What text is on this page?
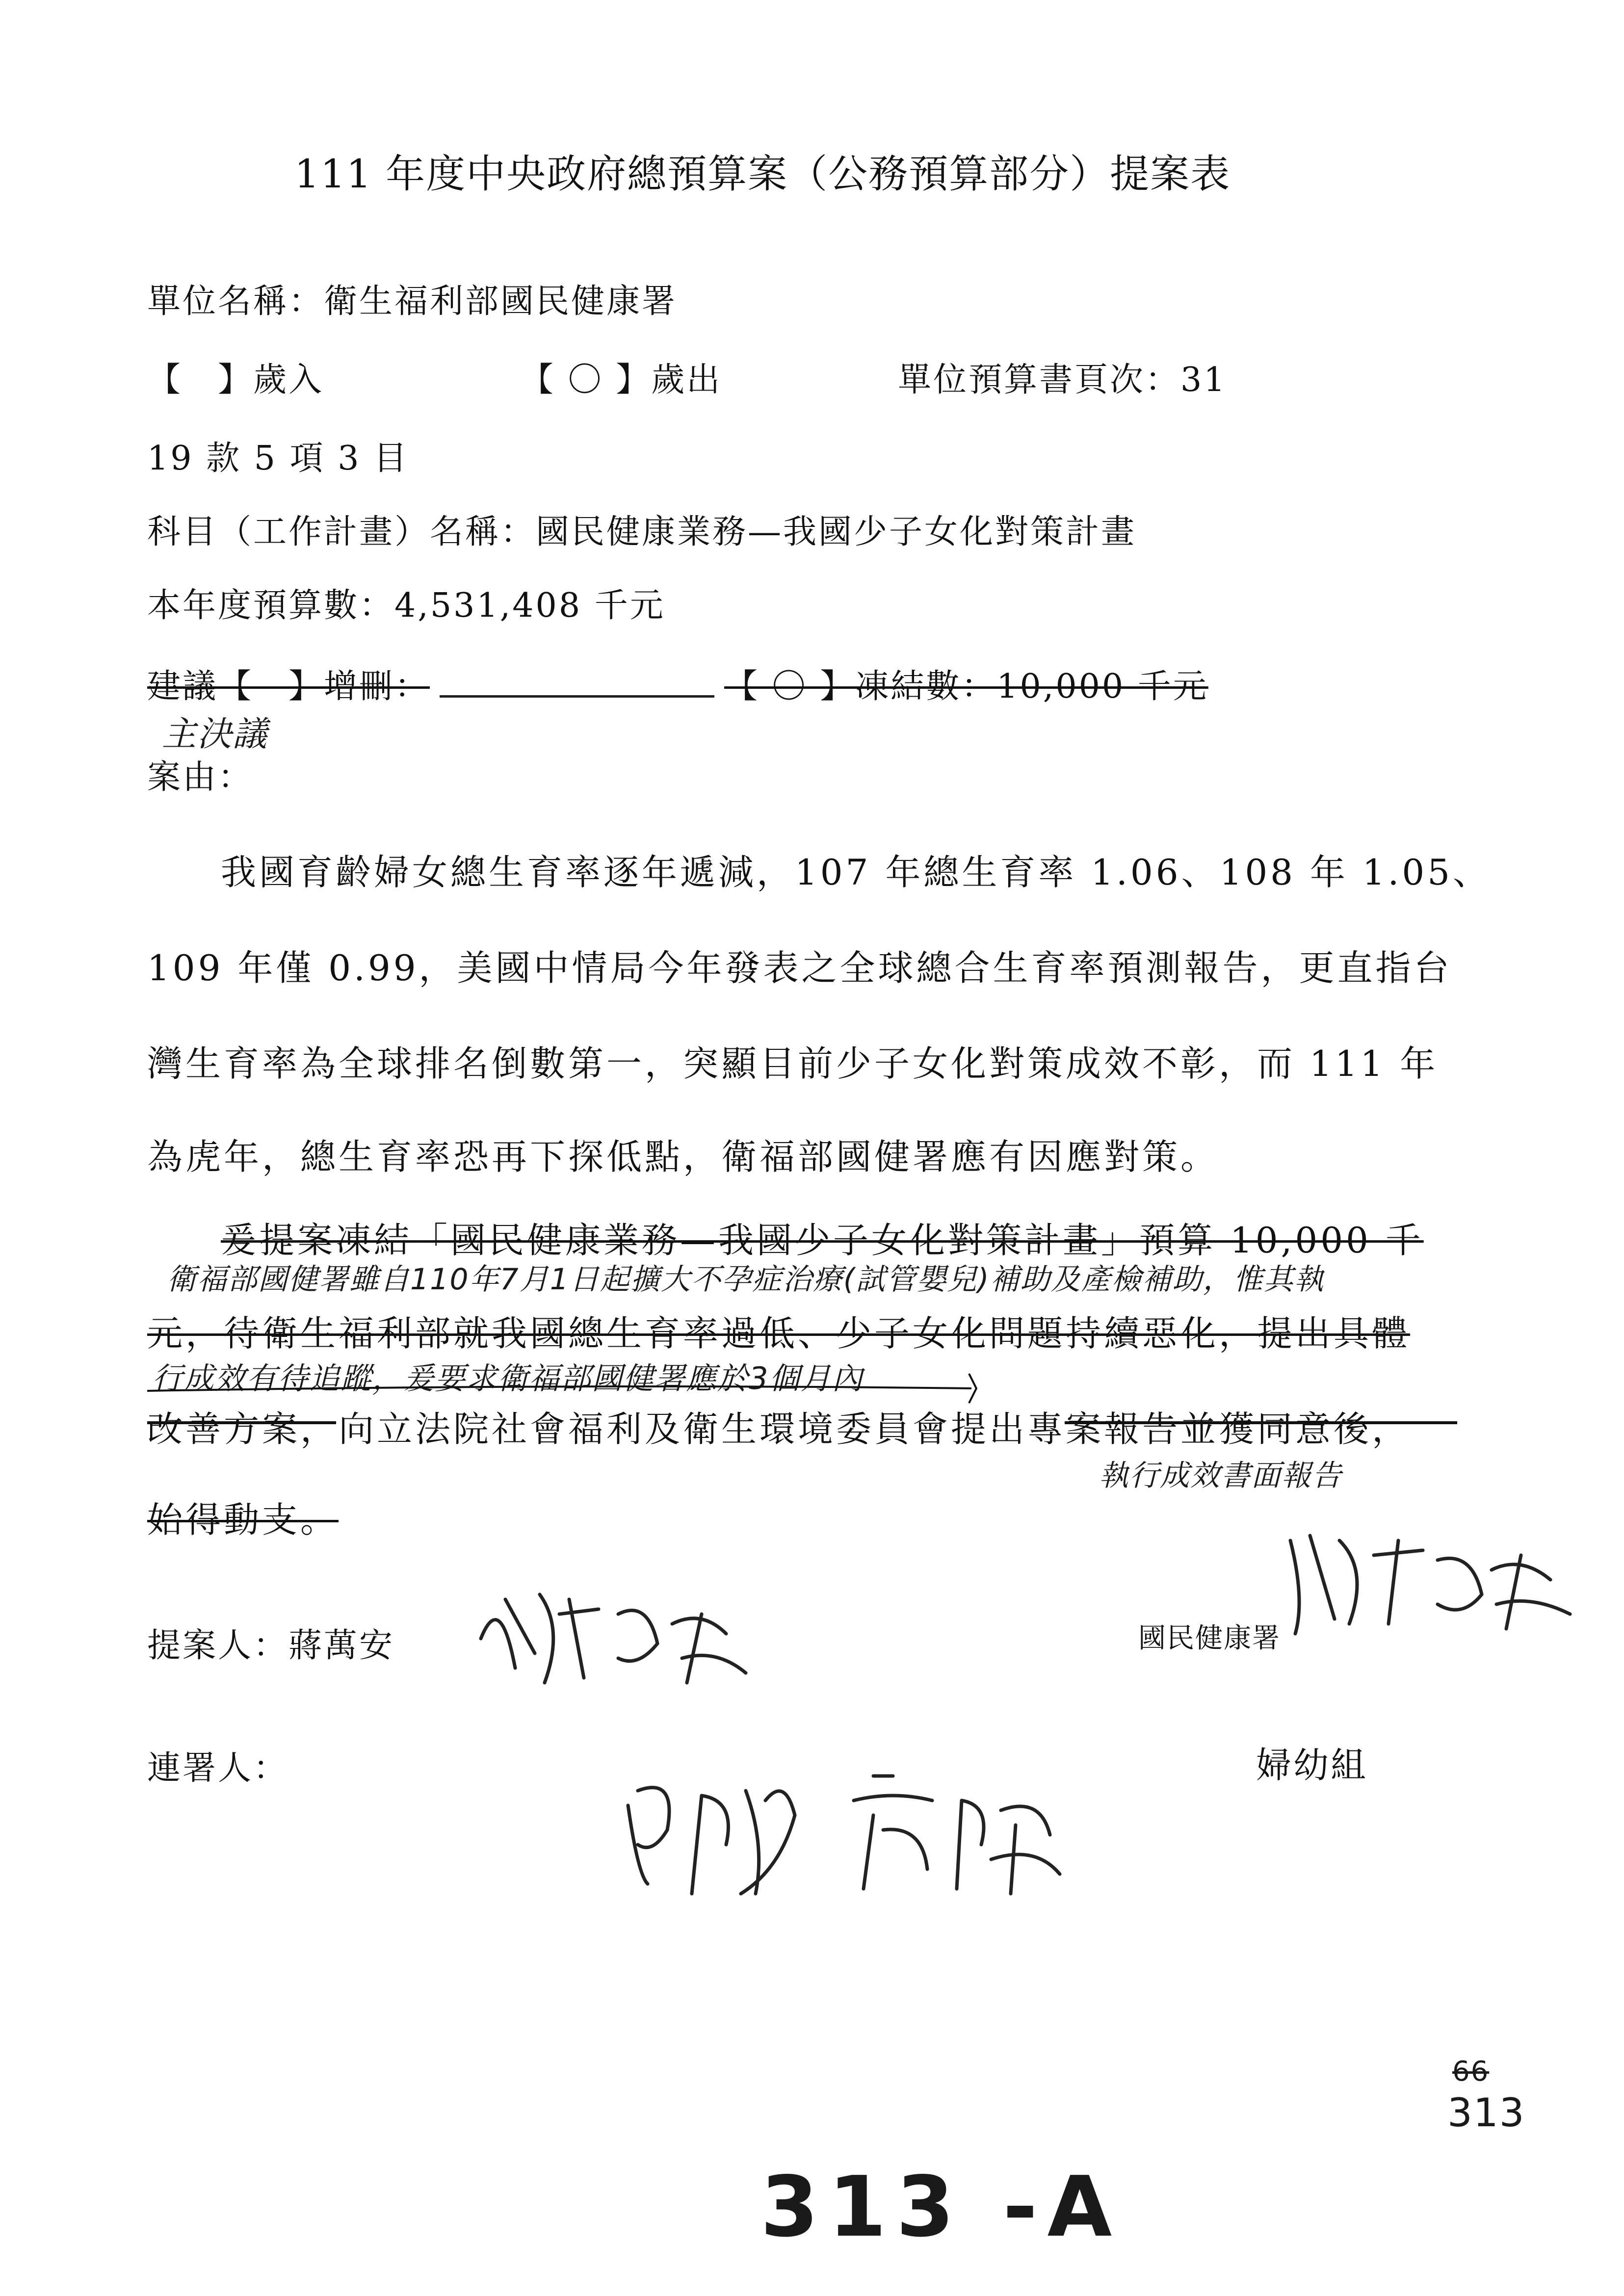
111 年度中央政府總預算案（公務預算部分）提案表
單位名稱：衛生福利部國民健康署
【　】歲入	【 〇 】歲出	單位預算書頁次：31
19 款 5 項 3 目
科目（工作計畫）名稱：國民健康業務—我國少子女化對策計畫
本年度預算數：4,531,408 千元
建議【　】增刪：	【 〇 】凍結數：10,000 千元
主決議
案由：
我國育齡婦女總生育率逐年遞減，107 年總生育率 1.06、108 年 1.05、
109 年僅 0.99，美國中情局今年發表之全球總合生育率預測報告，更直指台
灣生育率為全球排名倒數第一，突顯目前少子女化對策成效不彰，而 111 年
為虎年，總生育率恐再下探低點，衛福部國健署應有因應對策。
爰提案凍結「國民健康業務—我國少子女化對策計畫」預算 10,000 千
衛福部國健署雖自110年7月1日起擴大不孕症治療(試管嬰兒)補助及產檢補助，惟其執
元，待衛生福利部就我國總生育率過低、少子女化問題持續惡化，提出具體
行成效有待追蹤，爰要求衛福部國健署應於3個月內
改善方案，向立法院社會福利及衛生環境委員會提出專案報告並獲同意後，
執行成效書面報告
始得動支。
提案人：蔣萬安	國民健康署
連署人：	婦幼組
66
313
313 -A
